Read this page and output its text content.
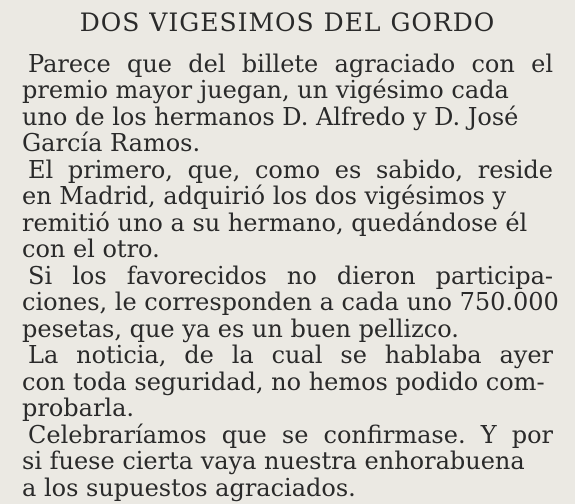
DOS VIGESIMOS DEL GORDO
Parece que del billete agraciado con el
premio mayor juegan, un vigésimo cada
uno de los hermanos D. Alfredo y D. José
García Ramos.
El primero, que, como es sabido, reside
en Madrid, adquirió los dos vigésimos y
remitió uno a su hermano, quedándose él
con el otro.
Si los favorecidos no dieron participa-
ciones, le corresponden a cada uno 750.000
pesetas, que ya es un buen pellizco.
La noticia, de la cual se hablaba ayer
con toda seguridad, no hemos podido com-
probarla.
Celebraríamos que se confirmase. Y por
si fuese cierta vaya nuestra enhorabuena
a los supuestos agraciados.
